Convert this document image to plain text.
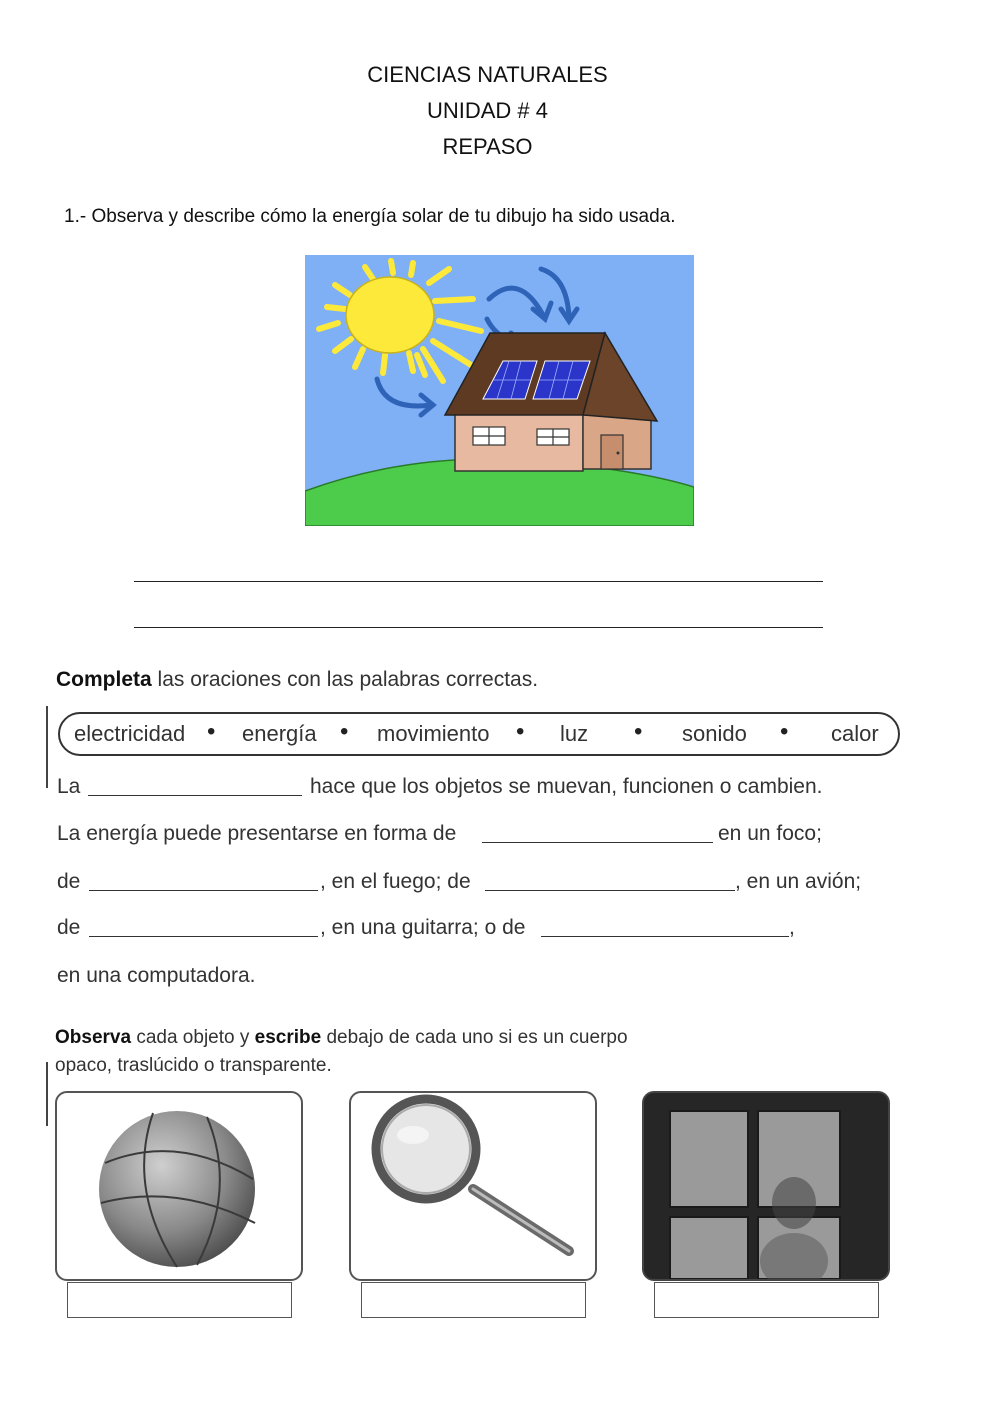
CIENCIAS NATURALES
UNIDAD # 4
REPASO
1.- Observa y describe cómo la energía solar de tu dibujo ha sido usada.
Completa las oraciones con las palabras correctas.
electricidad • energía • movimiento • luz • sonido • calor
La	hace que los objetos se muevan, funcionen o cambien.
La energía puede presentarse en forma de	en un foco;
de	, en el fuego; de	, en un avión;
de	, en una guitarra; o de	,
en una computadora.
Observa cada objeto y escribe debajo de cada uno si es un cuerpo
opaco, traslúcido o transparente.
